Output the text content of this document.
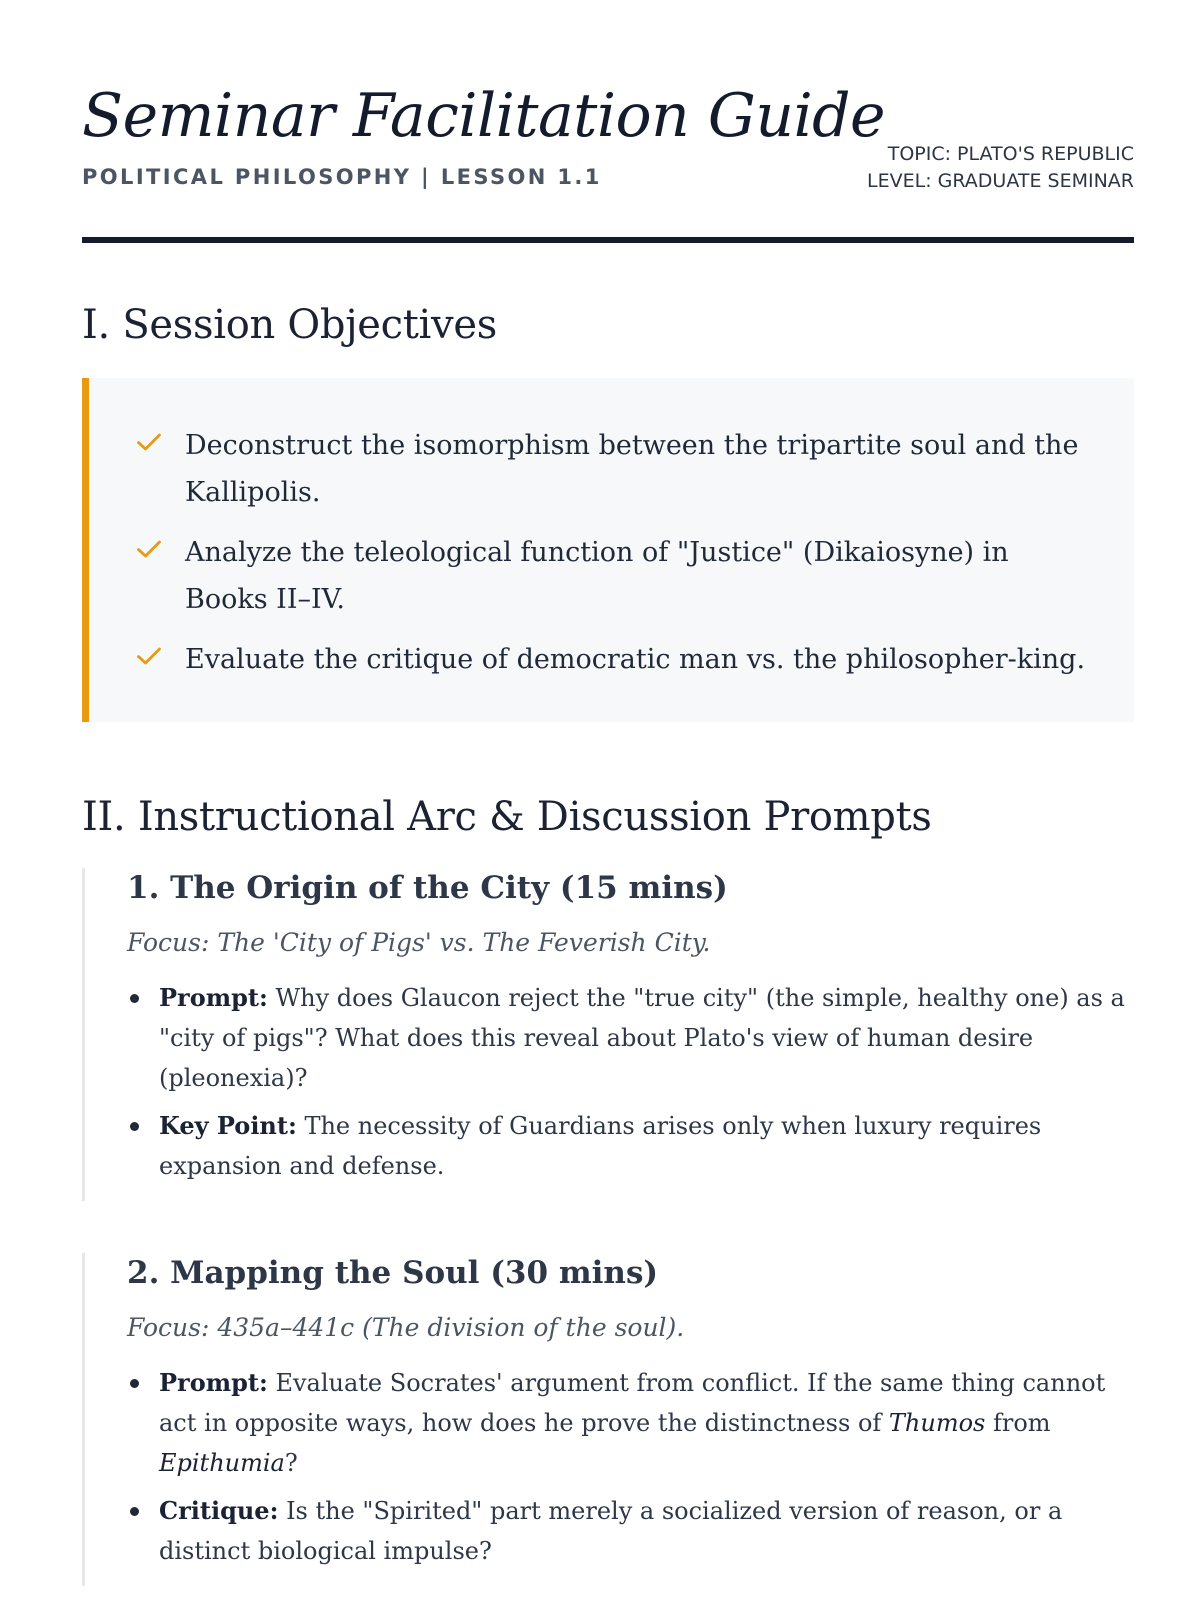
Seminar Facilitation Guide
POLITICAL PHILOSOPHY | LESSON 1.1
TOPIC: PLATO'S REPUBLIC
LEVEL: GRADUATE SEMINAR
I. Session Objectives
Deconstruct the isomorphism between the tripartite soul and the Kallipolis.
Analyze the teleological function of "Justice" (Dikaiosyne) in Books II–IV.
Evaluate the critique of democratic man vs. the philosopher-king.
II. Instructional Arc & Discussion Prompts
1. The Origin of the City (15 mins)

Focus: The 'City of Pigs' vs. The Feverish City.

Prompt: Why does Glaucon reject the "true city" (the simple, healthy one) as a "city of pigs"? What does this reveal about Plato's view of human desire (pleonexia)?
Key Point: The necessity of Guardians arises only when luxury requires expansion and defense.
2. Mapping the Soul (30 mins)

Focus: 435a–441c (The division of the soul).

Prompt: Evaluate Socrates' argument from conflict. If the same thing cannot act in opposite ways, how does he prove the distinctness of Thumos from Epithumia?
Critique: Is the "Spirited" part merely a socialized version of reason, or a distinct biological impulse?
